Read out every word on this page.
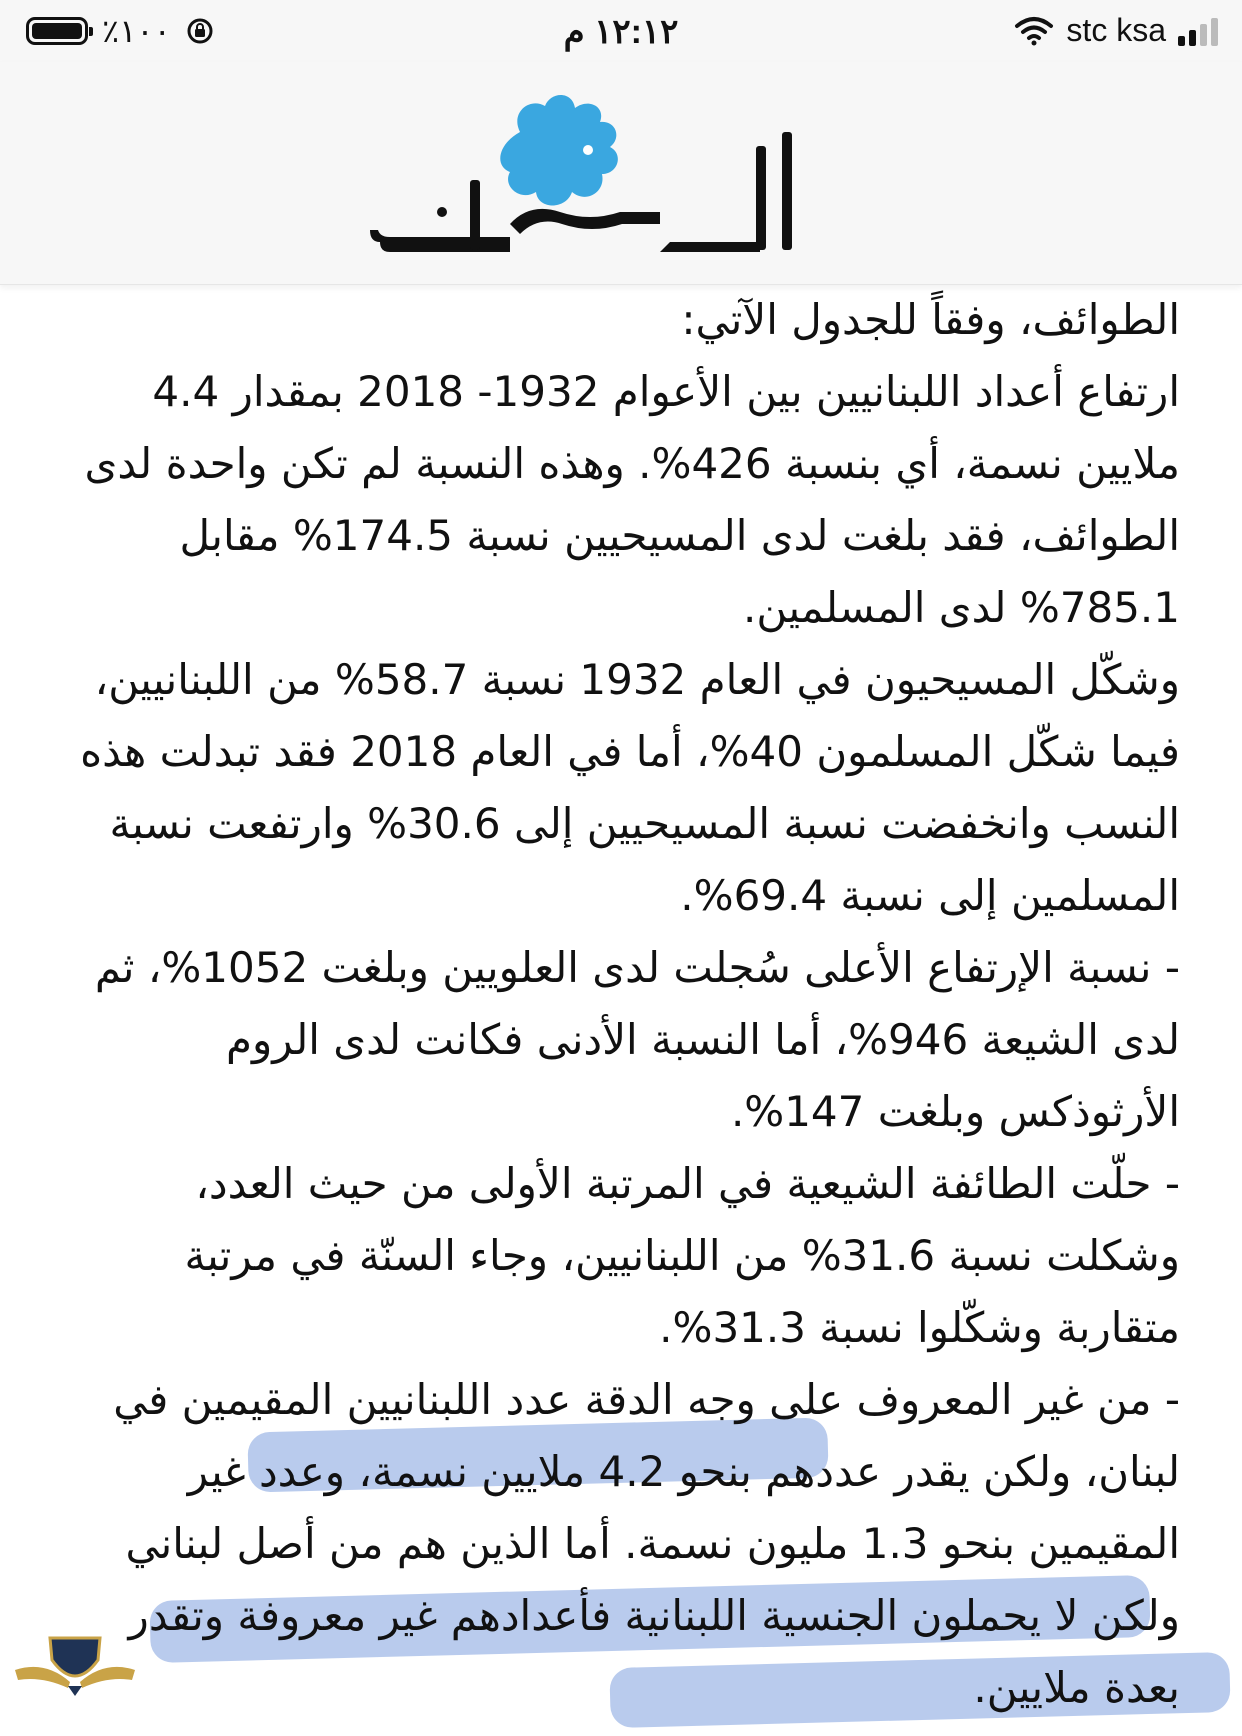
٪١٠٠	١٢:١٢ م	stc ksa

الطوائف، وفقاً للجدول الآتي:

ارتفاع أعداد اللبنانيين بين الأعوام 1932- 2018 بمقدار 4.4 ملايين نسمة، أي بنسبة 426%. وهذه النسبة لم تكن واحدة لدى الطوائف، فقد بلغت لدى المسيحيين نسبة 174.5% مقابل 785.1% لدى المسلمين.

وشكّل المسيحيون في العام 1932 نسبة 58.7% من اللبنانيين، فيما شكّل المسلمون 40%، أما في العام 2018 فقد تبدلت هذه النسب وانخفضت نسبة المسيحيين إلى 30.6% وارتفعت نسبة المسلمين إلى نسبة 69.4%.

- نسبة الإرتفاع الأعلى سُجلت لدى العلويين وبلغت 1052%، ثم لدى الشيعة 946%، أما النسبة الأدنى فكانت لدى الروم الأرثوذكس وبلغت 147%.

- حلّت الطائفة الشيعية في المرتبة الأولى من حيث العدد، وشكلت نسبة 31.6% من اللبنانيين، وجاء السنّة في مرتبة متقاربة وشكّلوا نسبة 31.3%.

- من غير المعروف على وجه الدقة عدد اللبنانيين المقيمين في لبنان، ولكن يقدر عددهم بنحو 4.2 ملايين نسمة، وعدد غير المقيمين بنحو 1.3 مليون نسمة. أما الذين هم من أصل لبناني ولكن لا يحملون الجنسية اللبنانية فأعدادهم غير معروفة وتقدر بعدة ملايين.
